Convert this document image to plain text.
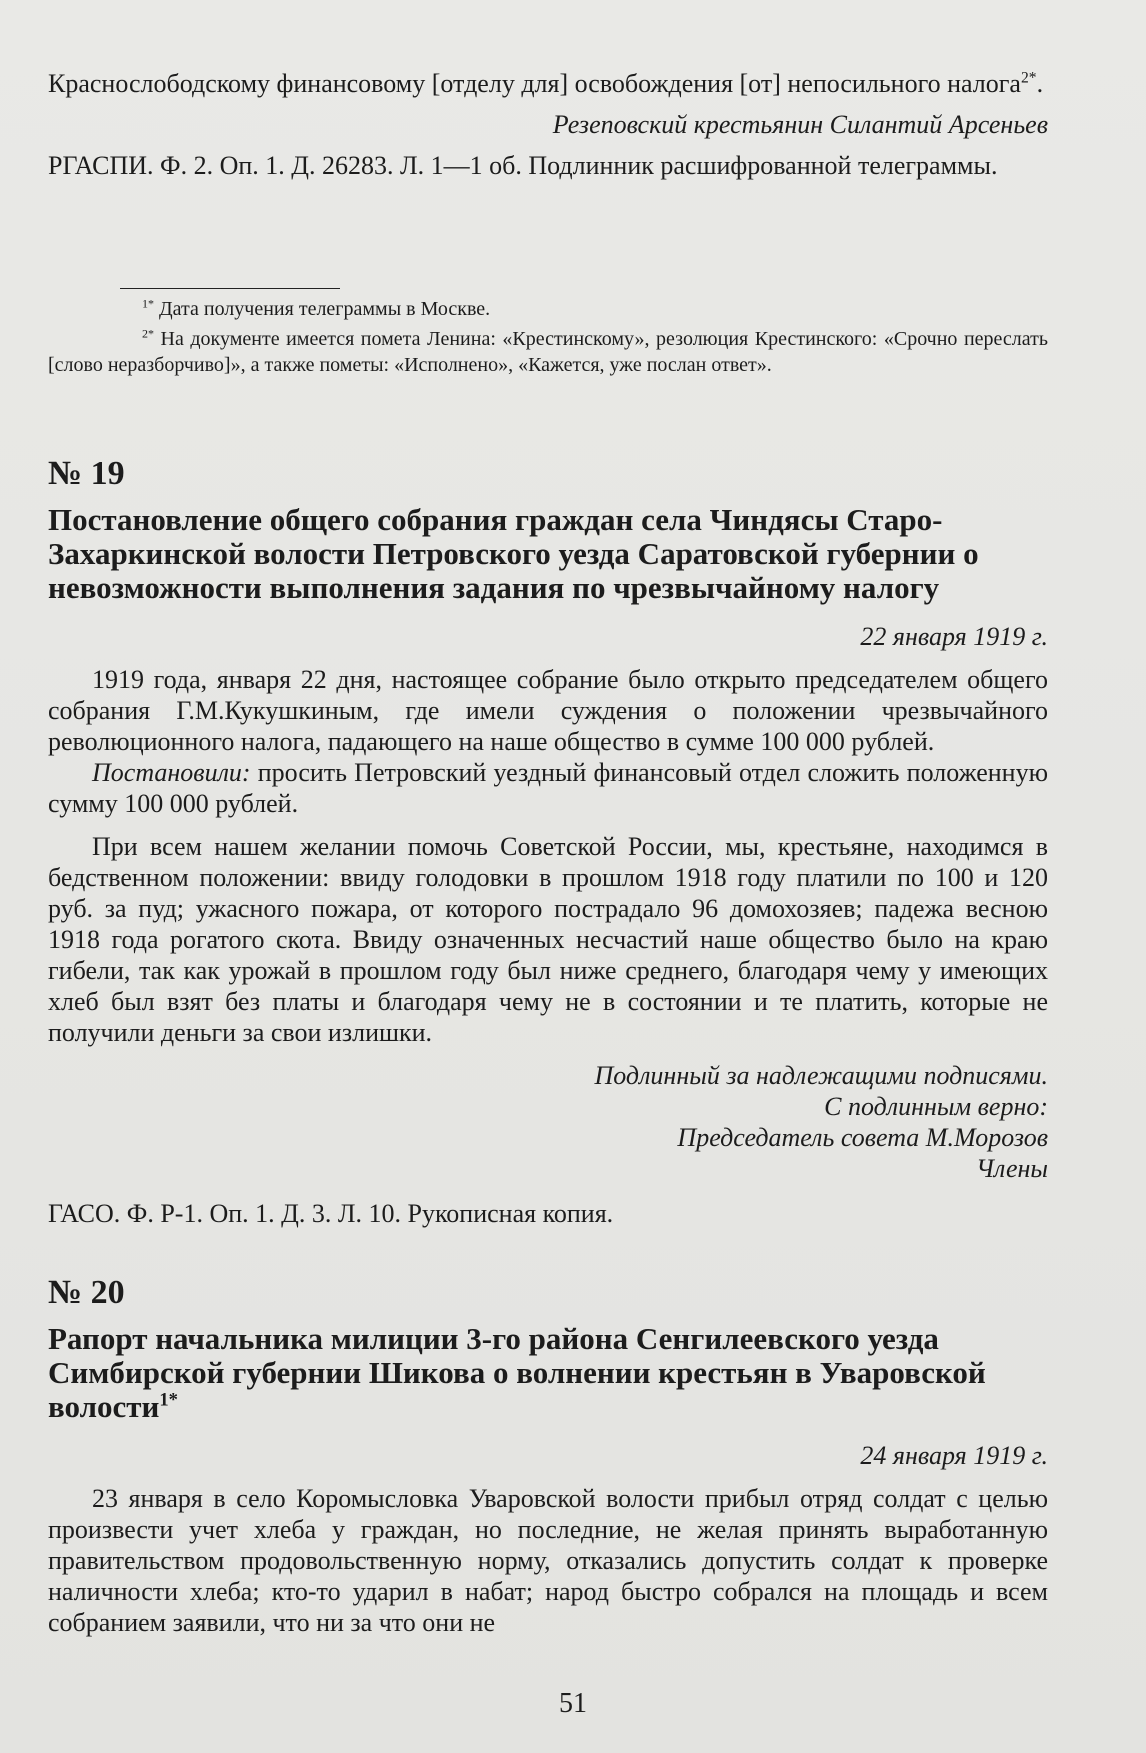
Краснослободскому финансовому [отделу для] освобождения [от] непосильного налога$^{2*}$.

Резеповский крестьянин Силантий Арсеньев

РГАСПИ. Ф. 2. Оп. 1. Д. 26283. Л. 1—1 об. Подлинник расшифрованной телеграммы.

$^{1*}$ Дата получения телеграммы в Москве.

$^{2*}$ На документе имеется помета Ленина: «Крестинскому», резолюция Крестинского: «Срочно переслать [слово неразборчиво]», а также пометы: «Исполнено», «Кажется, уже послан ответ».

№ 19

Постановление общего собрания граждан села Чиндясы Старо-Захаркинской волости Петровского уезда Саратовской губернии о невозможности выполнения задания по чрезвычайному налогу

22 января 1919 г.

1919 года, января 22 дня, настоящее собрание было открыто председателем общего собрания Г.М.Кукушкиным, где имели суждения о положении чрезвычайного революционного налога, падающего на наше общество в сумме 100 000 рублей.

Постановили: просить Петровский уездный финансовый отдел сложить положенную сумму 100 000 рублей.

При всем нашем желании помочь Советской России, мы, крестьяне, находимся в бедственном положении: ввиду голодовки в прошлом 1918 году платили по 100 и 120 руб. за пуд; ужасного пожара, от которого пострадало 96 домохозяев; падежа весною 1918 года рогатого скота. Ввиду означенных несчастий наше общество было на краю гибели, так как урожай в прошлом году был ниже среднего, благодаря чему у имеющих хлеб был взят без платы и благодаря чему не в состоянии и те платить, которые не получили деньги за свои излишки.

Подлинный за надлежащими подписями.

С подлинным верно:

Председатель совета М.Морозов

Члены

ГАСО. Ф. Р-1. Оп. 1. Д. 3. Л. 10. Рукописная копия.

№ 20

Рапорт начальника милиции 3-го района Сенгилеевского уезда Симбирской губернии Шикова о волнении крестьян в Уваровской волости$^{1*}$

24 января 1919 г.

23 января в село Коромысловка Уваровской волости прибыл отряд солдат с целью произвести учет хлеба у граждан, но последние, не желая принять выработанную правительством продовольственную норму, отказались допустить солдат к проверке наличности хлеба; кто-то ударил в набат; народ быстро собрался на площадь и всем собранием заявили, что ни за что они не

51
